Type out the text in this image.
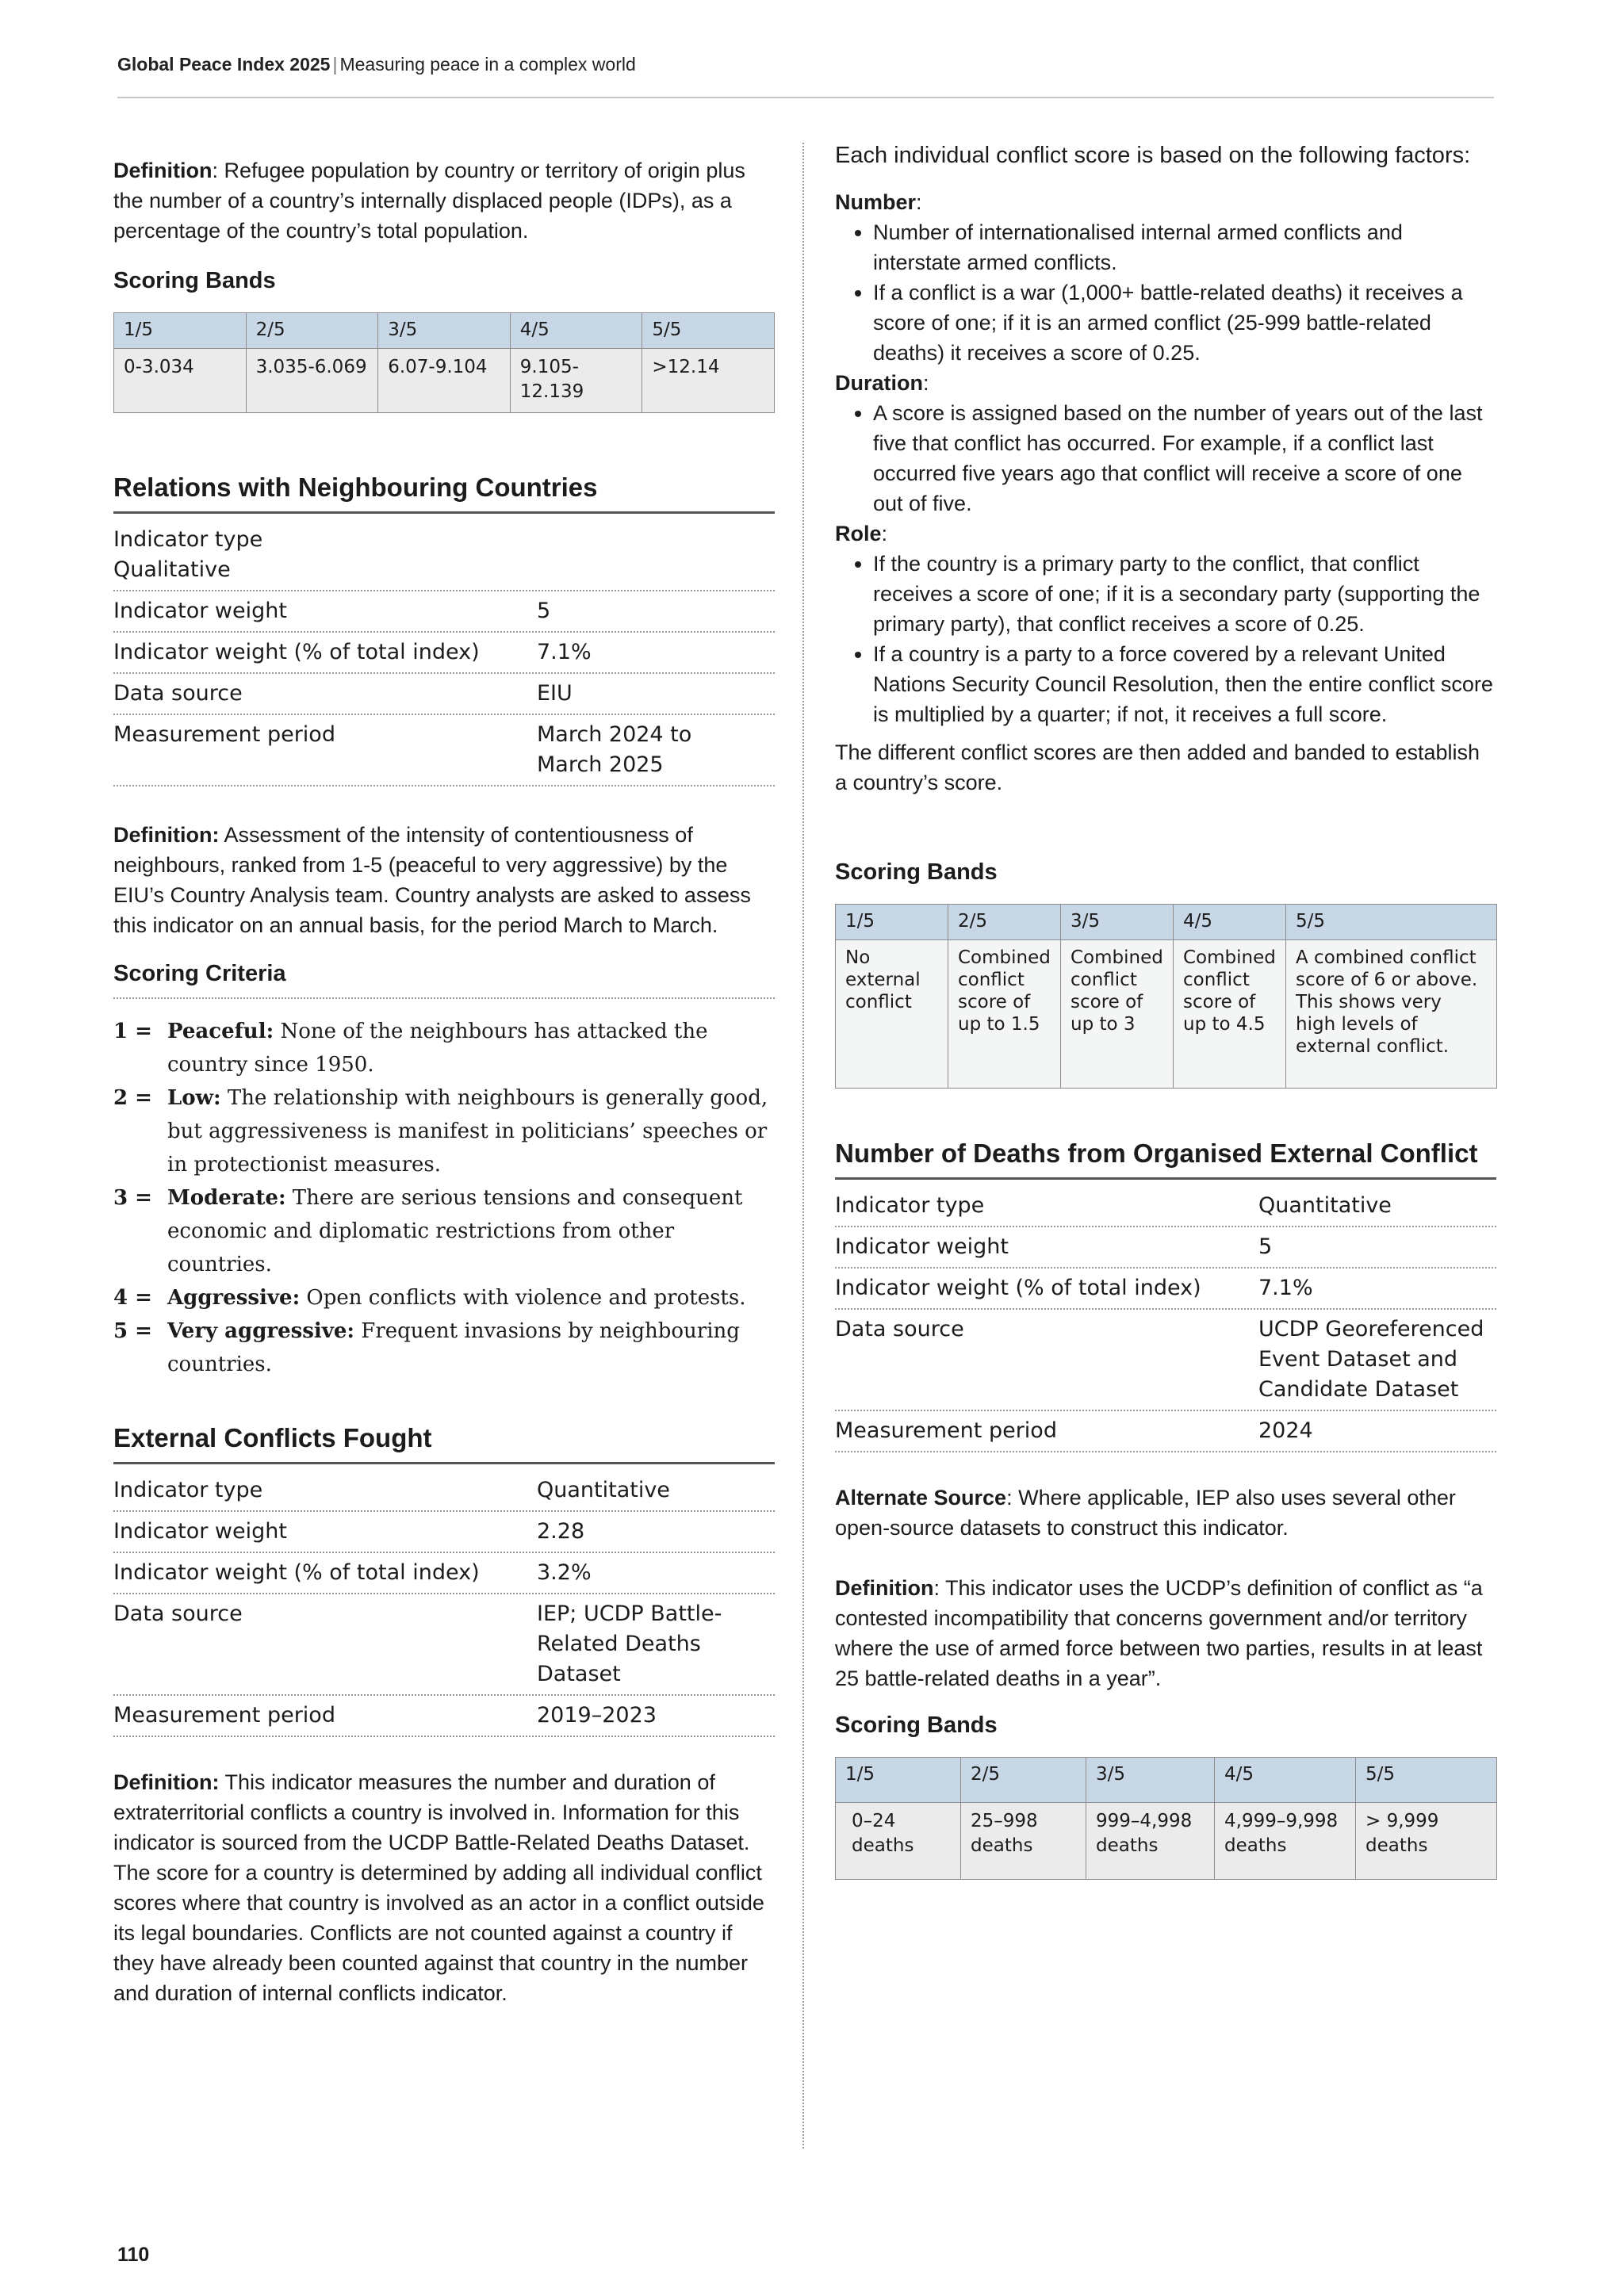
Global Peace Index 2025 | Measuring peace in a complex world

Definition: Refugee population by country or territory of origin plus the number of a country’s internally displaced people (IDPs), as a percentage of the country’s total population.

Scoring Bands
1/5	2/5	3/5	4/5	5/5
0-3.034	3.035-6.069	6.07-9.104	9.105-12.139	>12.14
Relations with Neighbouring Countries
Indicator type
Qualitative
Indicator weight	5
Indicator weight (% of total index)	7.1%
Data source	EIU
Measurement period	March 2024 to March 2025

Definition: Assessment of the intensity of contentiousness of neighbours, ranked from 1-5 (peaceful to very aggressive) by the EIU’s Country Analysis team. Country analysts are asked to assess this indicator on an annual basis, for the period March to March.

Scoring Criteria
1 = Peaceful: None of the neighbours has attacked the country since 1950.
2 = Low: The relationship with neighbours is generally good, but aggressiveness is manifest in politicians’ speeches or in protectionist measures.
3 = Moderate: There are serious tensions and consequent economic and diplomatic restrictions from other countries.
4 = Aggressive: Open conflicts with violence and protests.
5 = Very aggressive: Frequent invasions by neighbouring countries.
External Conflicts Fought
Indicator type	Quantitative
Indicator weight	2.28
Indicator weight (% of total index)	3.2%
Data source	IEP; UCDP Battle-Related Deaths Dataset
Measurement period	2019–2023

Definition: This indicator measures the number and duration of extraterritorial conflicts a country is involved in. Information for this indicator is sourced from the UCDP Battle-Related Deaths Dataset. The score for a country is determined by adding all individual conflict scores where that country is involved as an actor in a conflict outside its legal boundaries. Conflicts are not counted against a country if they have already been counted against that country in the number and duration of internal conflicts indicator.

Each individual conflict score is based on the following factors:

Number:

• Number of internationalised internal armed conflicts and interstate armed conflicts.
• If a conflict is a war (1,000+ battle-related deaths) it receives a score of one; if it is an armed conflict (25-999 battle-related deaths) it receives a score of 0.25.

Duration:

• A score is assigned based on the number of years out of the last five that conflict has occurred. For example, if a conflict last occurred five years ago that conflict will receive a score of one out of five.

Role:

• If the country is a primary party to the conflict, that conflict receives a score of one; if it is a secondary party (supporting the primary party), that conflict receives a score of 0.25.
• If a country is a party to a force covered by a relevant United Nations Security Council Resolution, then the entire conflict score is multiplied by a quarter; if not, it receives a full score.

The different conflict scores are then added and banded to establish a country’s score.

Scoring Bands
1/5	2/5	3/5	4/5	5/5
No external conflict	Combined conflict score of up to 1.5	Combined conflict score of up to 3	Combined conflict score of up to 4.5	A combined conflict score of 6 or above. This shows very high levels of external conflict.
Number of Deaths from Organised External Conflict
Indicator type	Quantitative
Indicator weight	5
Indicator weight (% of total index)	7.1%
Data source	UCDP Georeferenced Event Dataset and Candidate Dataset
Measurement period	2024

Alternate Source: Where applicable, IEP also uses several other open-source datasets to construct this indicator.

Definition: This indicator uses the UCDP’s definition of conflict as “a contested incompatibility that concerns government and/or territory where the use of armed force between two parties, results in at least 25 battle-related deaths in a year”.

Scoring Bands
1/5	2/5	3/5	4/5	5/5
0–24 deaths	25–998 deaths	999–4,998 deaths	4,999–9,998 deaths	> 9,999 deaths
110
